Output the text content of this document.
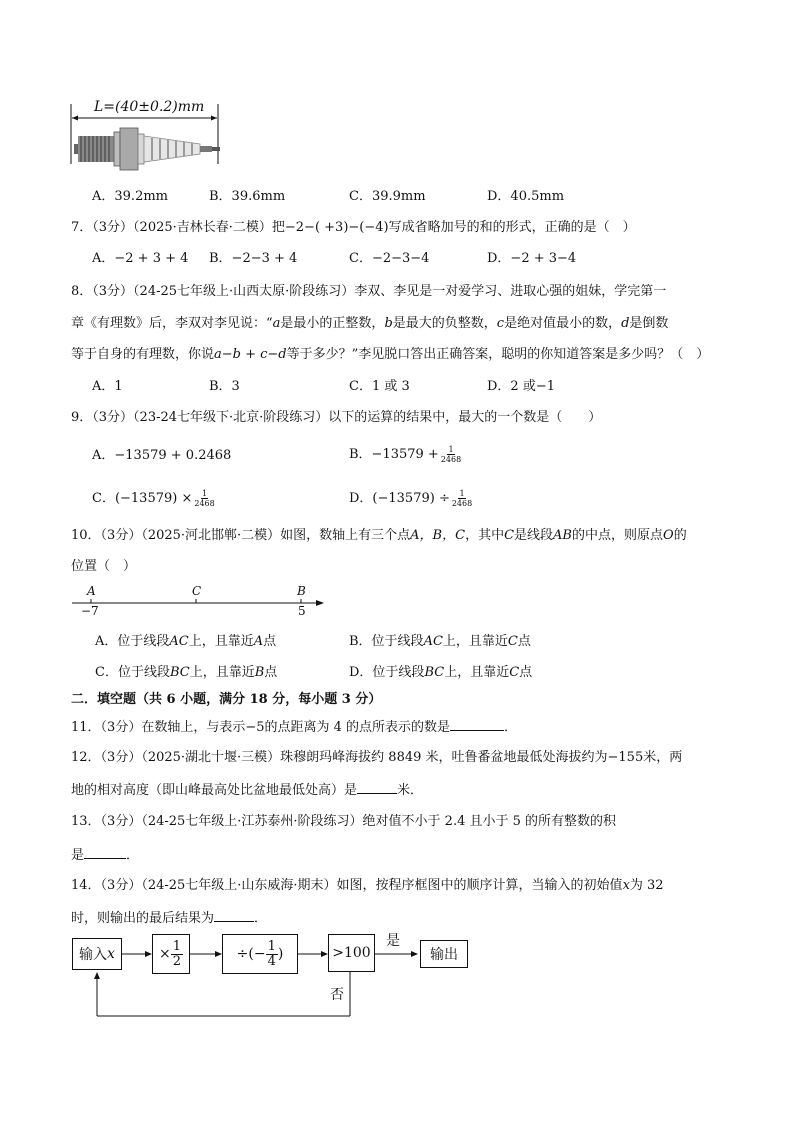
L=(40±0.2)mm
A．39.2mm	B．39.6mm	C．39.9mm	D．40.5mm
7．（3分）（2025·吉林长春·二模）把−2−( +3)−(−4)写成省略加号的和的形式，正确的是（　）
A．−2 + 3 + 4 B．−2−3 + 4	C．−2−3−4	D．−2 + 3−4
8．（3分）（24-25七年级上·山西太原·阶段练习）李双、李见是一对爱学习、进取心强的姐妹，学完第一
章《有理数》后，李双对李见说：“a是最小的正整数，b是最大的负整数，c是绝对值最小的数，d是倒数
等于自身的有理数，你说a−b + c−d等于多少？”李见脱口答出正确答案，聪明的你知道答案是多少吗？（　）
A．1	B．3	C．1 或 3	D．2 或−1
9．（3分）（23-24七年级下·北京·阶段练习）以下的运算的结果中，最大的一个数是（　　）
A．−13579 + 0.2468	B．$-13579 + \frac{1}{2468}$
C．$(-13579) \times \frac{1}{2468}$	D．$(-13579) \div \frac{1}{2468}$
10．（3分）（2025·河北邯郸·二模）如图，数轴上有三个点A，B，C，其中C是线段AB的中点，则原点O的
位置（　）
A
−7
C	B
5
A．位于线段AC上，且靠近A点	B．位于线段AC上，且靠近C点
C．位于线段BC上，且靠近B点	D．位于线段BC上，且靠近C点
二．填空题（共 6 小题，满分 18 分，每小题 3 分）
11．（3分）在数轴上，与表示−5的点距离为 4 的点所表示的数是	．
12．（3分）（2025·湖北十堰·三模）珠穆朗玛峰海拔约 8849 米，吐鲁番盆地最低处海拔约为−155米，两
地的相对高度（即山峰最高处比盆地最低处高）是	米．
13．（3分）（24-25七年级上·江苏泰州·阶段练习）绝对值不小于 2.4 且小于 5 的所有整数的积
是	．
14．（3分）（24-25七年级上·山东威海·期末）如图，按程序框图中的顺序计算，当输入的初始值x为 32
时，则输出的最后结果为	．
输入 x	× $\frac{1}{2}$	÷(− $\frac{1}{4}$ )	>100	输出
是
否
